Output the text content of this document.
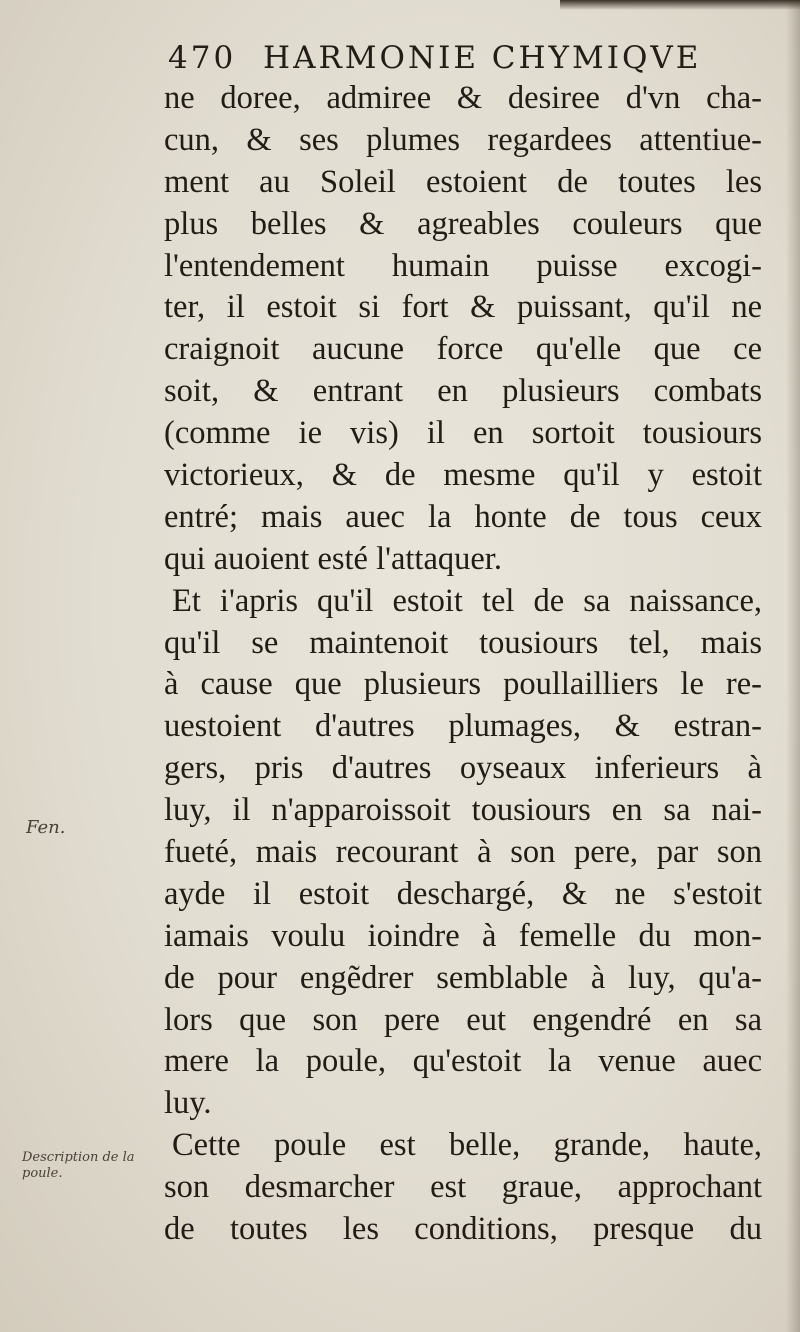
470 HARMONIE CHYMIQVE
ne doree, admiree & desiree d'vn cha-
cun, & ses plumes regardees attentiue-
ment au Soleil estoient de toutes les
plus belles & agreables couleurs que
l'entendement humain puisse excogi-
ter, il estoit si fort & puissant, qu'il ne
craignoit aucune force qu'elle que ce
soit, & entrant en plusieurs combats
(comme ie vis) il en sortoit tousiours
victorieux, & de mesme qu'il y estoit
entré; mais auec la honte de tous ceux
qui auoient esté l'attaquer.
Et i'apris qu'il estoit tel de sa naissance,
qu'il se maintenoit tousiours tel, mais
à cause que plusieurs poullailliers le re-
uestoient d'autres plumages, & estran-
gers, pris d'autres oyseaux inferieurs à
luy, il n'apparoissoit tousiours en sa nai-
fueté, mais recourant à son pere, par son
ayde il estoit deschargé, & ne s'estoit
iamais voulu ioindre à femelle du mon-
de pour engẽdrer semblable à luy, qu'a-
lors que son pere eut engendré en sa
mere la poule, qu'estoit la venue auec
luy.
Cette poule est belle, grande, haute,
son desmarcher est graue, approchant
de toutes les conditions, presque du
Fen.
Description de la poule.
